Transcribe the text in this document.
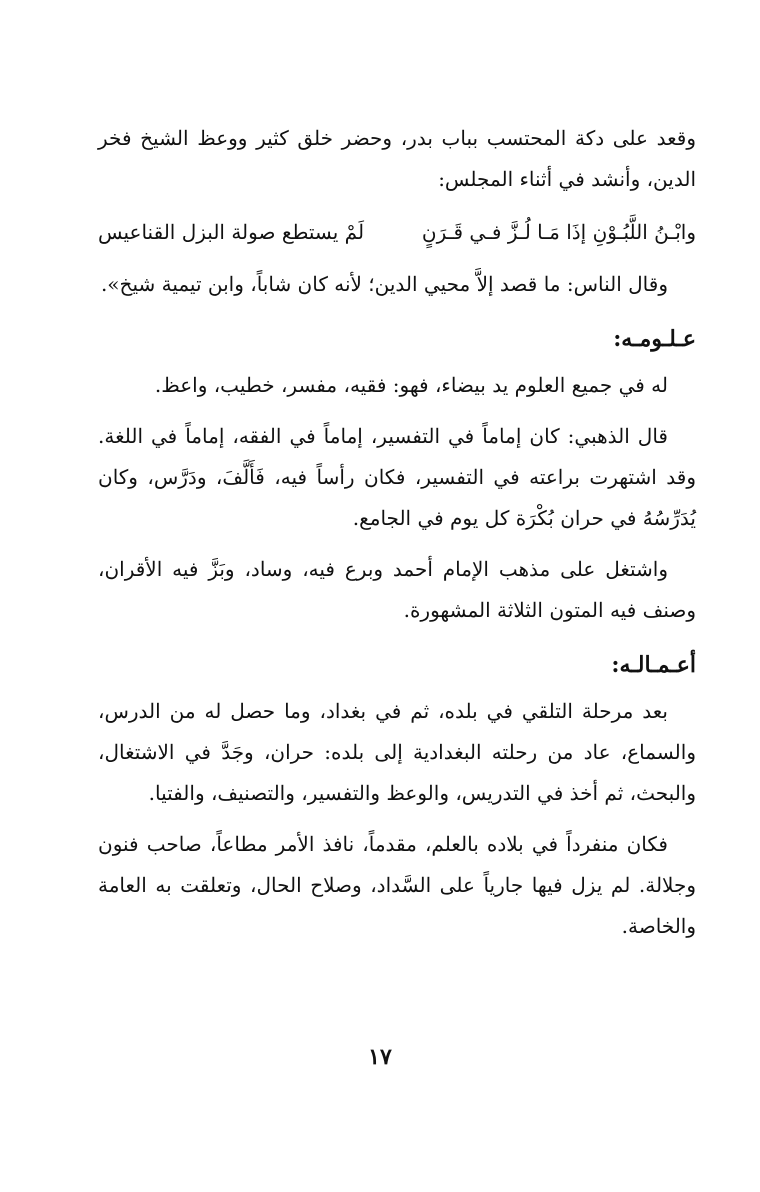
وقعد على دكة المحتسب بباب بدر، وحضر خلق كثير ووعظ الشيخ فخر الدين، وأنشد في أثناء المجلس:

وابْـنُ اللَّبُـوْنِ إذَا مَـا لُـزَّ فـي قَـرَنٍ
لَمْ يستطع صولة البزل القناعيس

وقال الناس: ما قصد إلاَّ محيي الدين؛ لأنه كان شاباً، وابن تيمية شيخ».

عـلـومـه:

له في جميع العلوم يد بيضاء، فهو: فقيه، مفسر، خطيب، واعظ.

قال الذهبي: كان إماماً في التفسير، إماماً في الفقه، إماماً في اللغة. وقد اشتهرت براعته في التفسير، فكان رأساً فيه، فَأَلَّفَ، ودَرَّس، وكان يُدَرِّسُهُ في حران بُكْرَة كل يوم في الجامع.

واشتغل على مذهب الإمام أحمد وبرع فيه، وساد، وبَزَّ فيه الأقران، وصنف فيه المتون الثلاثة المشهورة.

أعـمـالـه:

بعد مرحلة التلقي في بلده، ثم في بغداد، وما حصل له من الدرس، والسماع، عاد من رحلته البغدادية إلى بلده: حران، وجَدَّ في الاشتغال، والبحث، ثم أخذ في التدريس، والوعظ والتفسير، والتصنيف، والفتيا.

فكان منفرداً في بلاده بالعلم، مقدماً، نافذ الأمر مطاعاً، صاحب فنون وجلالة. لم يزل فيها جارياً على السَّداد، وصلاح الحال، وتعلقت به العامة والخاصة.

١٧
